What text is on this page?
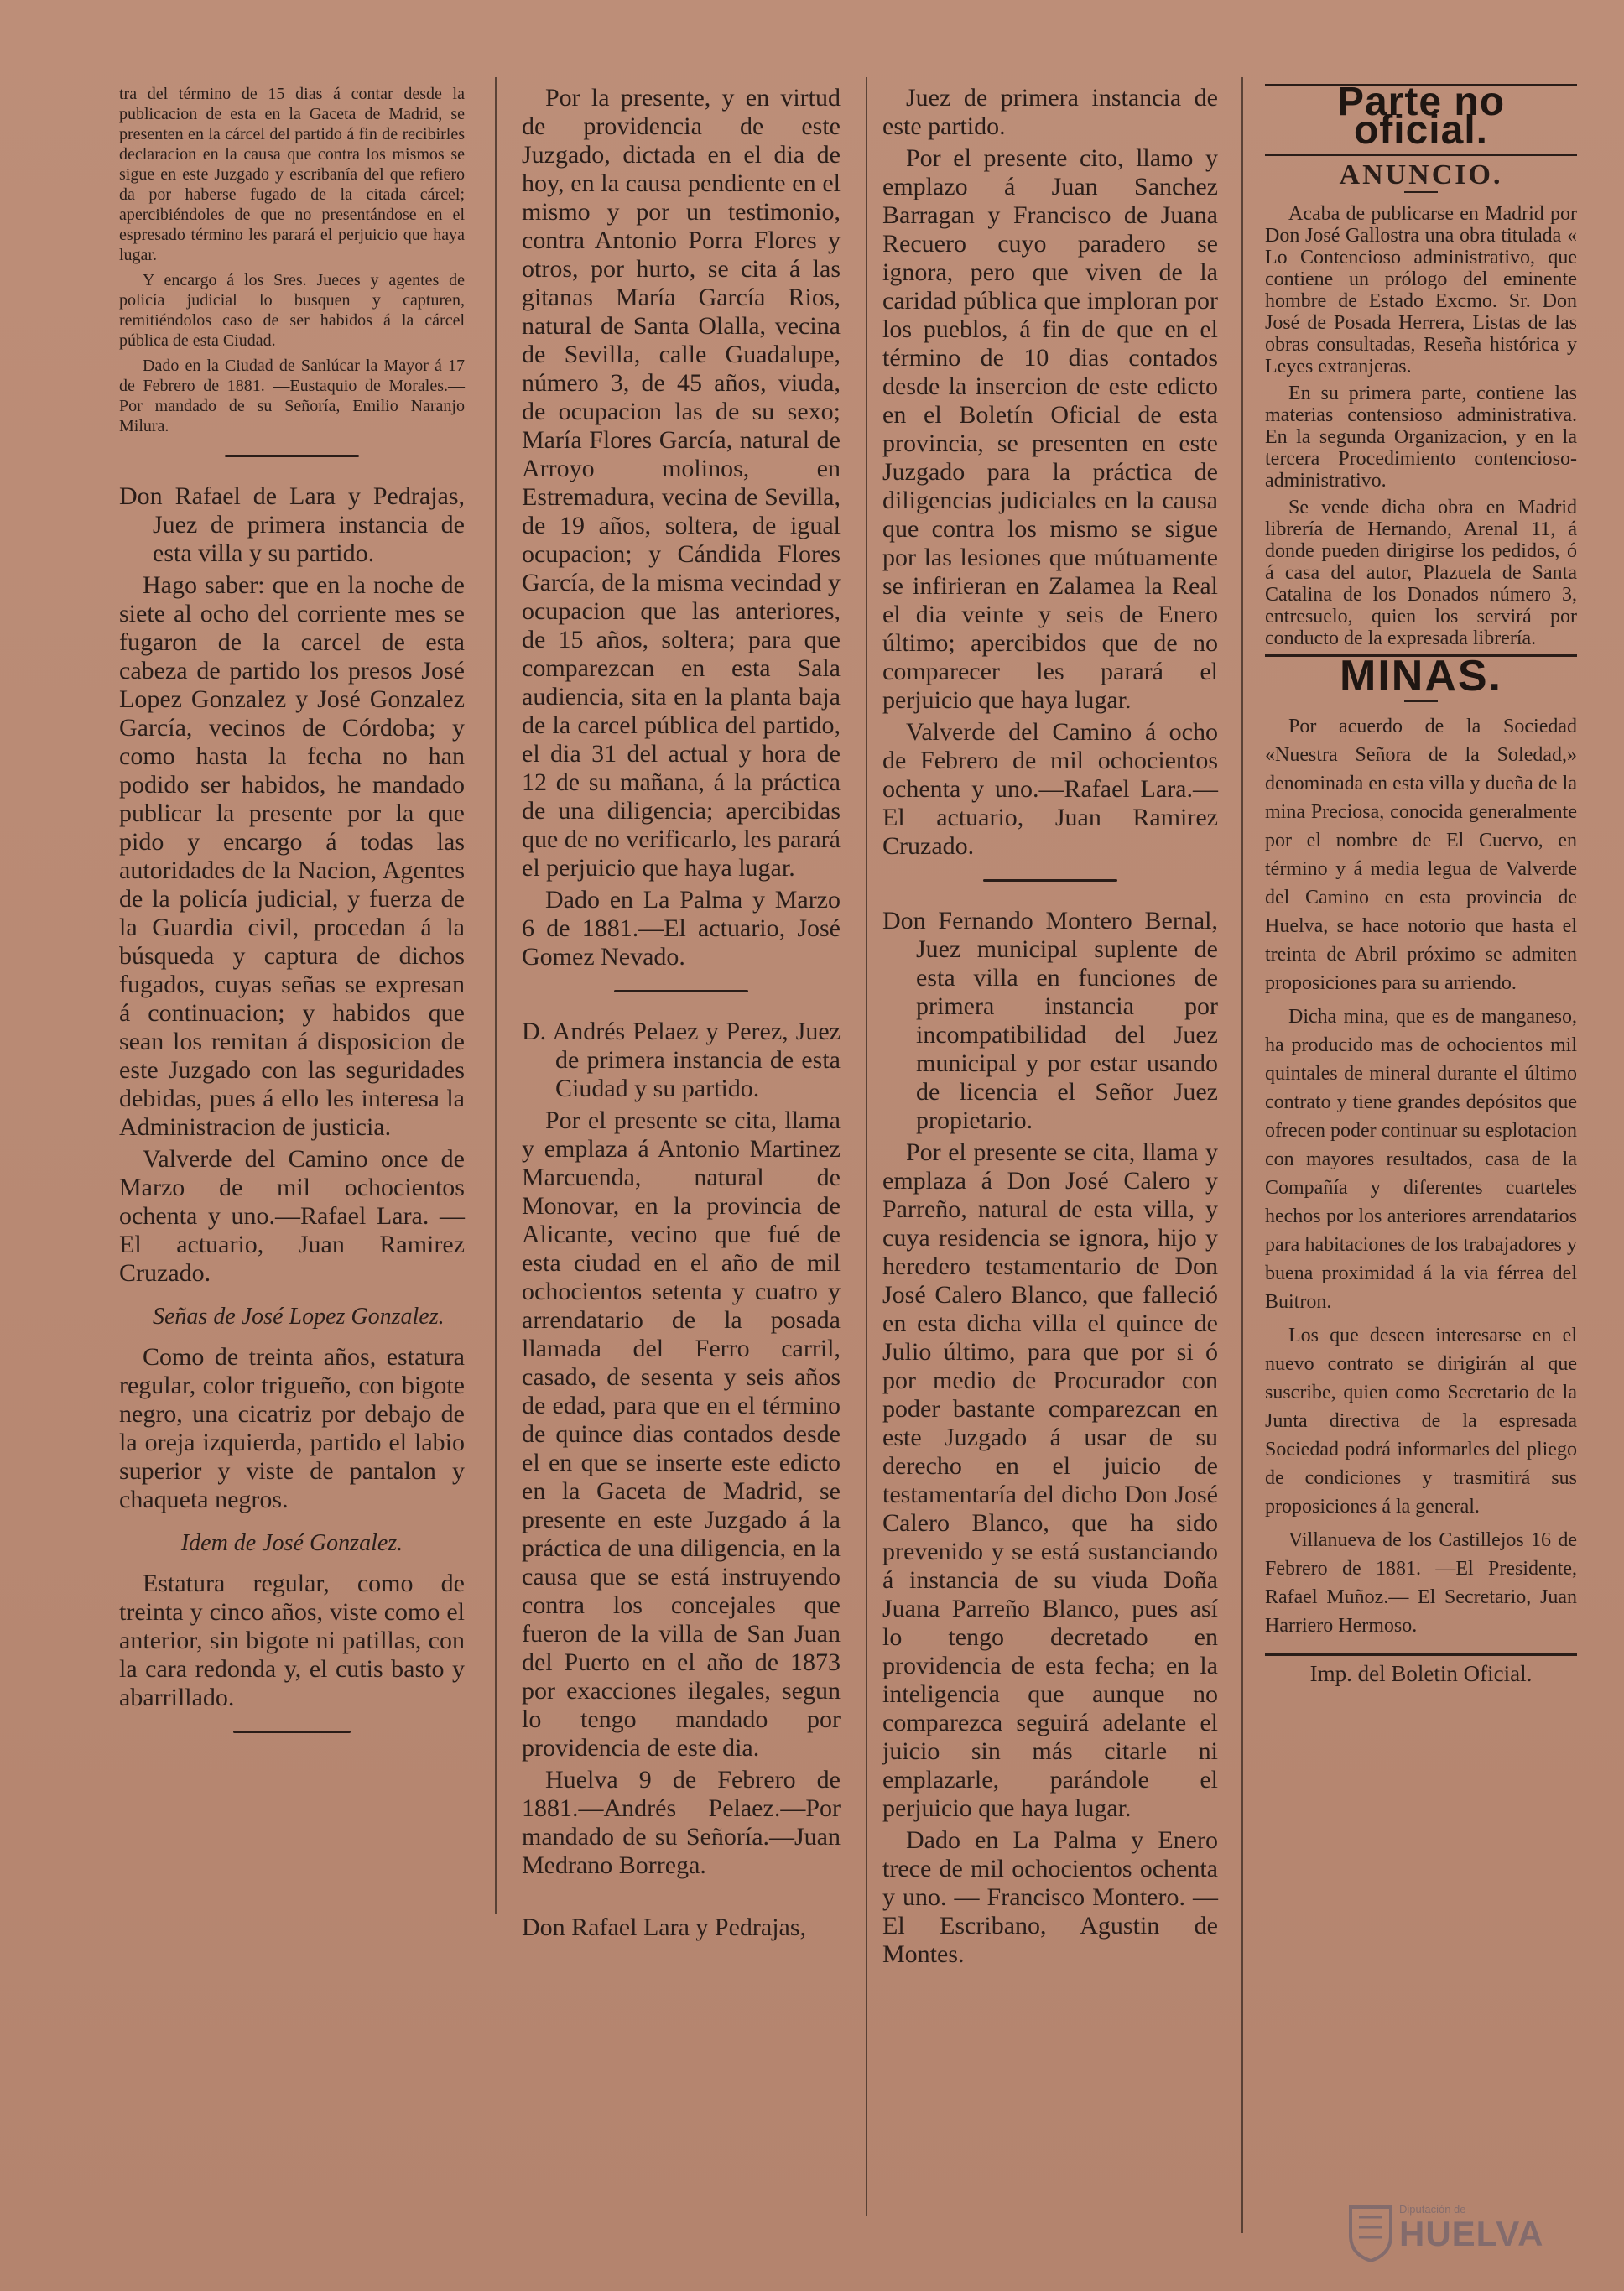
tra del término de 15 dias á contar desde la publicacion de esta en la Gaceta de Madrid, se presenten en la cárcel del partido á fin de recibirles declaracion en la causa que contra los mismos se sigue en este Juzgado y escribanía del que refiero da por haberse fugado de la citada cárcel; apercibiéndoles de que no presentándose en el espresado término les parará el perjuicio que haya lugar.

Y encargo á los Sres. Jueces y agentes de policía judicial lo busquen y capturen, remitiéndolos caso de ser habidos á la cárcel pública de esta Ciudad.

Dado en la Ciudad de Sanlúcar la Mayor á 17 de Febrero de 1881. —Eustaquio de Morales.—Por mandado de su Señoría, Emilio Naranjo Milura.

Don Rafael de Lara y Pedrajas, Juez de primera instancia de esta villa y su partido.

Hago saber: que en la noche de siete al ocho del corriente mes se fugaron de la carcel de esta cabeza de partido los presos José Lopez Gonzalez y José Gonzalez García, vecinos de Córdoba; y como hasta la fecha no han podido ser habidos, he mandado publicar la presente por la que pido y encargo á todas las autoridades de la Nacion, Agentes de la policía judicial, y fuerza de la Guardia civil, procedan á la búsqueda y captura de dichos fugados, cuyas señas se expresan á continuacion; y habidos que sean los remitan á disposicion de este Juzgado con las seguridades debidas, pues á ello les interesa la Administracion de justicia.

Valverde del Camino once de Marzo de mil ochocientos ochenta y uno.—Rafael Lara. —El actuario, Juan Ramirez Cruzado.

Señas de José Lopez Gonzalez.

Como de treinta años, estatura regular, color trigueño, con bigote negro, una cicatriz por debajo de la oreja izquierda, partido el labio superior y viste de pantalon y chaqueta negros.

Idem de José Gonzalez.

Estatura regular, como de treinta y cinco años, viste como el anterior, sin bigote ni patillas, con la cara redonda y, el cutis basto y abarrillado.

Por la presente, y en virtud de providencia de este Juzgado, dictada en el dia de hoy, en la causa pendiente en el mismo y por un testimonio, contra Antonio Porra Flores y otros, por hurto, se cita á las gitanas María García Rios, natural de Santa Olalla, vecina de Sevilla, calle Guadalupe, número 3, de 45 años, viuda, de ocupacion las de su sexo; María Flores García, natural de Arroyo molinos, en Estremadura, vecina de Sevilla, de 19 años, soltera, de igual ocupacion; y Cándida Flores García, de la misma vecindad y ocupacion que las anteriores, de 15 años, soltera; para que comparezcan en esta Sala audiencia, sita en la planta baja de la carcel pública del partido, el dia 31 del actual y hora de 12 de su mañana, á la práctica de una diligencia; apercibidas que de no verificarlo, les parará el perjuicio que haya lugar.

Dado en La Palma y Marzo 6 de 1881.—El actuario, José Gomez Nevado.

D. Andrés Pelaez y Perez, Juez de primera instancia de esta Ciudad y su partido.

Por el presente se cita, llama y emplaza á Antonio Martinez Marcuenda, natural de Monovar, en la provincia de Alicante, vecino que fué de esta ciudad en el año de mil ochocientos setenta y cuatro y arrendatario de la posada llamada del Ferro carril, casado, de sesenta y seis años de edad, para que en el término de quince dias contados desde el en que se inserte este edicto en la Gaceta de Madrid, se presente en este Juzgado á la práctica de una diligencia, en la causa que se está instruyendo contra los concejales que fueron de la villa de San Juan del Puerto en el año de 1873 por exacciones ilegales, segun lo tengo mandado por providencia de este dia.

Huelva 9 de Febrero de 1881.—Andrés Pelaez.—Por mandado de su Señoría.—Juan Medrano Borrega.

Don Rafael Lara y Pedrajas,

Juez de primera instancia de este partido.

Por el presente cito, llamo y emplazo á Juan Sanchez Barragan y Francisco de Juana Recuero cuyo paradero se ignora, pero que viven de la caridad pública que imploran por los pueblos, á fin de que en el término de 10 dias contados desde la insercion de este edicto en el Boletín Oficial de esta provincia, se presenten en este Juzgado para la práctica de diligencias judiciales en la causa que contra los mismo se sigue por las lesiones que mútuamente se infirieran en Zalamea la Real el dia veinte y seis de Enero último; apercibidos que de no comparecer les parará el perjuicio que haya lugar.

Valverde del Camino á ocho de Febrero de mil ochocientos ochenta y uno.—Rafael Lara.—El actuario, Juan Ramirez Cruzado.

Don Fernando Montero Bernal, Juez municipal suplente de esta villa en funciones de primera instancia por incompatibilidad del Juez municipal y por estar usando de licencia el Señor Juez propietario.

Por el presente se cita, llama y emplaza á Don José Calero y Parreño, natural de esta villa, y cuya residencia se ignora, hijo y heredero testamentario de Don José Calero Blanco, que falleció en esta dicha villa el quince de Julio último, para que por si ó por medio de Procurador con poder bastante comparezcan en este Juzgado á usar de su derecho en el juicio de testamentaría del dicho Don José Calero Blanco, que ha sido prevenido y se está sustanciando á instancia de su viuda Doña Juana Parreño Blanco, pues así lo tengo decretado en providencia de esta fecha; en la inteligencia que aunque no comparezca seguirá adelante el juicio sin más citarle ni emplazarle, parándole el perjuicio que haya lugar.

Dado en La Palma y Enero trece de mil ochocientos ochenta y uno. — Francisco Montero. — El Escribano, Agustin de Montes.

Parte no oficial.
ANUNCIO.

Acaba de publicarse en Madrid por Don José Gallostra una obra titulada « Lo Contencioso administrativo, que contiene un prólogo del eminente hombre de Estado Excmo. Sr. Don José de Posada Herrera, Listas de las obras consultadas, Reseña histórica y Leyes extranjeras.

En su primera parte, contiene las materias contensioso administrativa. En la segunda Organizacion, y en la tercera Procedimiento contencioso-administrativo.

Se vende dicha obra en Madrid librería de Hernando, Arenal 11, á donde pueden dirigirse los pedidos, ó á casa del autor, Plazuela de Santa Catalina de los Donados número 3, entresuelo, quien los servirá por conducto de la expresada librería.

MINAS.

Por acuerdo de la Sociedad «Nuestra Señora de la Soledad,» denominada en esta villa y dueña de la mina Preciosa, conocida generalmente por el nombre de El Cuervo, en término y á media legua de Valverde del Camino en esta provincia de Huelva, se hace notorio que hasta el treinta de Abril próximo se admiten proposiciones para su arriendo.

Dicha mina, que es de manganeso, ha producido mas de ochocientos mil quintales de mineral durante el último contrato y tiene grandes depósitos que ofrecen poder continuar su esplotacion con mayores resultados, casa de la Compañía y diferentes cuarteles hechos por los anteriores arrendatarios para habitaciones de los trabajadores y buena proximidad á la via férrea del Buitron.

Los que deseen interesarse en el nuevo contrato se dirigirán al que suscribe, quien como Secretario de la Junta directiva de la espresada Sociedad podrá informarles del pliego de condiciones y trasmitirá sus proposiciones á la general.

Villanueva de los Castillejos 16 de Febrero de 1881. —El Presidente, Rafael Muñoz.— El Secretario, Juan Harriero Hermoso.

Imp. del Boletin Oficial.
Diputación de
HUELVA
